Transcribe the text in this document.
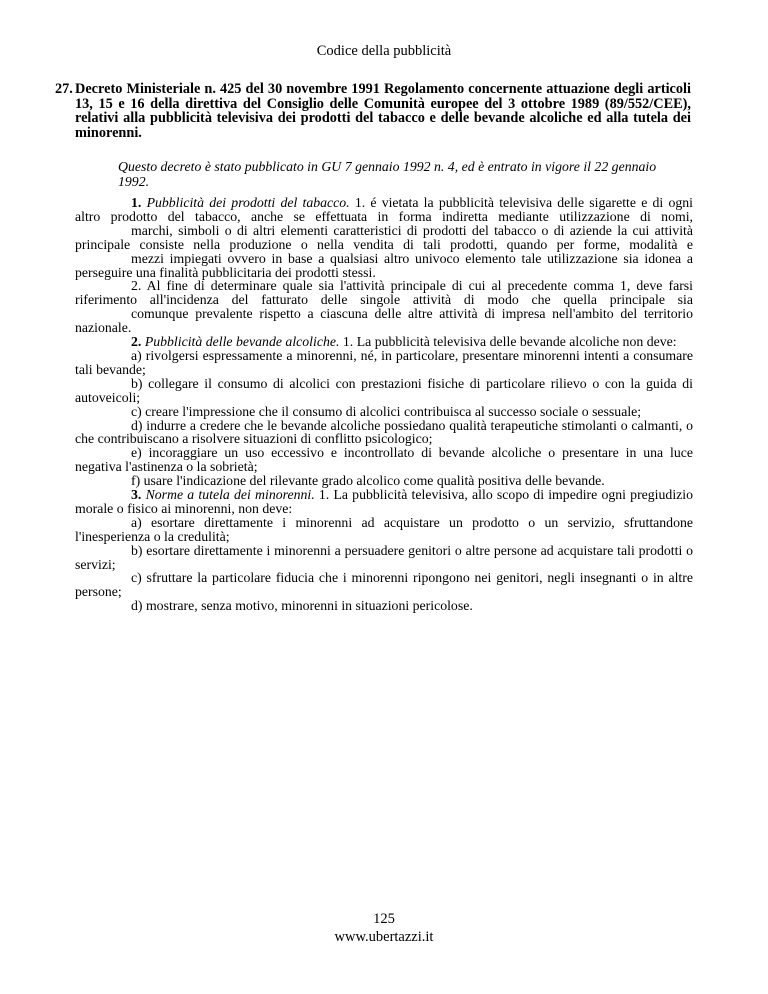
Codice della pubblicità
27. Decreto Ministeriale n. 425 del 30 novembre 1991 Regolamento concernente attuazione degli articoli 13, 15 e 16 della direttiva del Consiglio delle Comunità europee del 3 ottobre 1989 (89/552/CEE), relativi alla pubblicità televisiva dei prodotti del tabacco e delle bevande alcoliche ed alla tutela dei minorenni.
Questo decreto è stato pubblicato in GU 7 gennaio 1992 n. 4, ed è entrato in vigore il 22 gennaio 1992.

1. Pubblicità dei prodotti del tabacco. 1. é vietata la pubblicità televisiva delle sigarette e di ogni altro prodotto del tabacco, anche se effettuata in forma indiretta mediante utilizzazione di nomi,

marchi, simboli o di altri elementi caratteristici di prodotti del tabacco o di aziende la cui attività principale consiste nella produzione o nella vendita di tali prodotti, quando per forme, modalità e

mezzi impiegati ovvero in base a qualsiasi altro univoco elemento tale utilizzazione sia idonea a perseguire una finalità pubblicitaria dei prodotti stessi.

2. Al fine di determinare quale sia l'attività principale di cui al precedente comma 1, deve farsi riferimento all'incidenza del fatturato delle singole attività di modo che quella principale sia

comunque prevalente rispetto a ciascuna delle altre attività di impresa nell'ambito del territorio nazionale.

2. Pubblicità delle bevande alcoliche. 1. La pubblicità televisiva delle bevande alcoliche non deve:

a) rivolgersi espressamente a minorenni, né, in particolare, presentare minorenni intenti a consumare tali bevande;

b) collegare il consumo di alcolici con prestazioni fisiche di particolare rilievo o con la guida di autoveicoli;

c) creare l'impressione che il consumo di alcolici contribuisca al successo sociale o sessuale;

d) indurre a credere che le bevande alcoliche possiedano qualità terapeutiche stimolanti o calmanti, o che contribuiscano a risolvere situazioni di conflitto psicologico;

e) incoraggiare un uso eccessivo e incontrollato di bevande alcoliche o presentare in una luce negativa l'astinenza o la sobrietà;

f) usare l'indicazione del rilevante grado alcolico come qualità positiva delle bevande.

3. Norme a tutela dei minorenni. 1. La pubblicità televisiva, allo scopo di impedire ogni pregiudizio morale o fisico ai minorenni, non deve:

a) esortare direttamente i minorenni ad acquistare un prodotto o un servizio, sfruttandone l'inesperienza o la credulità;

b) esortare direttamente i minorenni a persuadere genitori o altre persone ad acquistare tali prodotti o servizi;

c) sfruttare la particolare fiducia che i minorenni ripongono nei genitori, negli insegnanti o in altre persone;

d) mostrare, senza motivo, minorenni in situazioni pericolose.

125
www.ubertazzi.it
